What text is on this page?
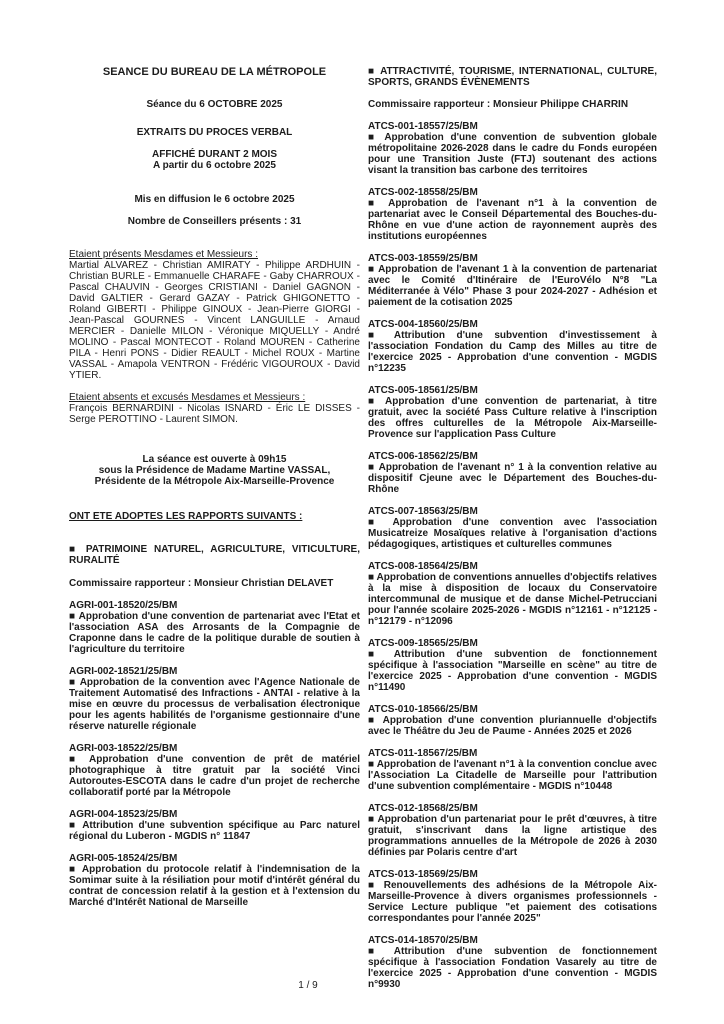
SEANCE DU BUREAU DE LA MÉTROPOLE
Séance du 6 OCTOBRE 2025
EXTRAITS DU PROCES VERBAL
AFFICHÉ DURANT 2 MOIS
A partir du 6 octobre 2025
Mis en diffusion le 6 octobre 2025
Nombre de Conseillers présents : 31
Etaient présents Mesdames et Messieurs :
Martial ALVAREZ - Christian AMIRATY - Philippe ARDHUIN - Christian BURLE - Emmanuelle CHARAFE - Gaby CHARROUX - Pascal CHAUVIN - Georges CRISTIANI - Daniel GAGNON - David GALTIER - Gerard GAZAY - Patrick GHIGONETTO - Roland GIBERTI - Philippe GINOUX - Jean-Pierre GIORGI - Jean-Pascal GOURNES - Vincent LANGUILLE - Arnaud MERCIER - Danielle MILON - Véronique MIQUELLY - André MOLINO - Pascal MONTECOT - Roland MOUREN - Catherine PILA - Henri PONS - Didier REAULT - Michel ROUX - Martine VASSAL - Amapola VENTRON - Frédéric VIGOUROUX - David YTIER.
Etaient absents et excusés Mesdames et Messieurs :
François BERNARDINI - Nicolas ISNARD - Éric LE DISSES - Serge PEROTTINO - Laurent SIMON.
La séance est ouverte à 09h15
sous la Présidence de Madame Martine VASSAL,
Présidente de la Métropole Aix-Marseille-Provence
ONT ETE ADOPTES LES RAPPORTS SUIVANTS :
■ PATRIMOINE NATUREL, AGRICULTURE, VITICULTURE, RURALITÉ
Commissaire rapporteur : Monsieur Christian DELAVET
AGRI-001-18520/25/BM
■ Approbation d'une convention de partenariat avec l'Etat et l'association ASA des Arrosants de la Compagnie de Craponne dans le cadre de la politique durable de soutien à l'agriculture du territoire
AGRI-002-18521/25/BM
■ Approbation de la convention avec l'Agence Nationale de Traitement Automatisé des Infractions - ANTAI - relative à la mise en œuvre du processus de verbalisation électronique pour les agents habilités de l'organisme gestionnaire d'une réserve naturelle régionale
AGRI-003-18522/25/BM
■ Approbation d'une convention de prêt de matériel photographique à titre gratuit par la société Vinci Autoroutes-ESCOTA dans le cadre d'un projet de recherche collaboratif porté par la Métropole
AGRI-004-18523/25/BM
■ Attribution d'une subvention spécifique au Parc naturel régional du Luberon - MGDIS n° 11847
AGRI-005-18524/25/BM
■ Approbation du protocole relatif à l'indemnisation de la Somimar suite à la résiliation pour motif d'intérêt général du contrat de concession relatif à la gestion et à l'extension du Marché d'Intérêt National de Marseille
■ ATTRACTIVITÉ, TOURISME, INTERNATIONAL, CULTURE, SPORTS, GRANDS ÉVÈNEMENTS
Commissaire rapporteur : Monsieur Philippe CHARRIN
ATCS-001-18557/25/BM
■ Approbation d'une convention de subvention globale métropolitaine 2026-2028 dans le cadre du Fonds européen pour une Transition Juste (FTJ) soutenant des actions visant la transition bas carbone des territoires
ATCS-002-18558/25/BM
■ Approbation de l'avenant n°1 à la convention de partenariat avec le Conseil Départemental des Bouches-du-Rhône en vue d'une action de rayonnement auprès des institutions européennes
ATCS-003-18559/25/BM
■ Approbation de l'avenant 1 à la convention de partenariat avec le Comité d'Itinéraire de l'EuroVélo N°8 "La Méditerranée à Vélo" Phase 3 pour 2024-2027 - Adhésion et paiement de la cotisation 2025
ATCS-004-18560/25/BM
■ Attribution d'une subvention d'investissement à l'association Fondation du Camp des Milles au titre de l'exercice 2025 - Approbation d'une convention - MGDIS n°12235
ATCS-005-18561/25/BM
■ Approbation d'une convention de partenariat, à titre gratuit, avec la société Pass Culture relative à l'inscription des offres culturelles de la Métropole Aix-Marseille-Provence sur l'application Pass Culture
ATCS-006-18562/25/BM
■ Approbation de l'avenant n° 1 à la convention relative au dispositif Cjeune avec le Département des Bouches-du-Rhône
ATCS-007-18563/25/BM
■ Approbation d'une convention avec l'association Musicatreize Mosaïques relative à l'organisation d'actions pédagogiques, artistiques et culturelles communes
ATCS-008-18564/25/BM
■ Approbation de conventions annuelles d'objectifs relatives à la mise à disposition de locaux du Conservatoire intercommunal de musique et de danse Michel-Petrucciani pour l'année scolaire 2025-2026 - MGDIS n°12161 - n°12125 - n°12179 - n°12096
ATCS-009-18565/25/BM
■ Attribution d'une subvention de fonctionnement spécifique à l'association "Marseille en scène" au titre de l'exercice 2025 - Approbation d'une convention - MGDIS n°11490
ATCS-010-18566/25/BM
■ Approbation d'une convention pluriannuelle d'objectifs avec le Théâtre du Jeu de Paume - Années 2025 et 2026
ATCS-011-18567/25/BM
■ Approbation de l'avenant n°1 à la convention conclue avec l'Association La Citadelle de Marseille pour l'attribution d'une subvention complémentaire - MGDIS n°10448
ATCS-012-18568/25/BM
■ Approbation d'un partenariat pour le prêt d'œuvres, à titre gratuit, s'inscrivant dans la ligne artistique des programmations annuelles de la Métropole de 2026 à 2030 définies par Polaris centre d'art
ATCS-013-18569/25/BM
■ Renouvellements des adhésions de la Métropole Aix-Marseille-Provence à divers organismes professionnels - Service Lecture publique "et paiement des cotisations correspondantes pour l'année 2025"
ATCS-014-18570/25/BM
■ Attribution d'une subvention de fonctionnement spécifique à l'association Fondation Vasarely au titre de l'exercice 2025 - Approbation d'une convention - MGDIS n°9930
1 / 9
